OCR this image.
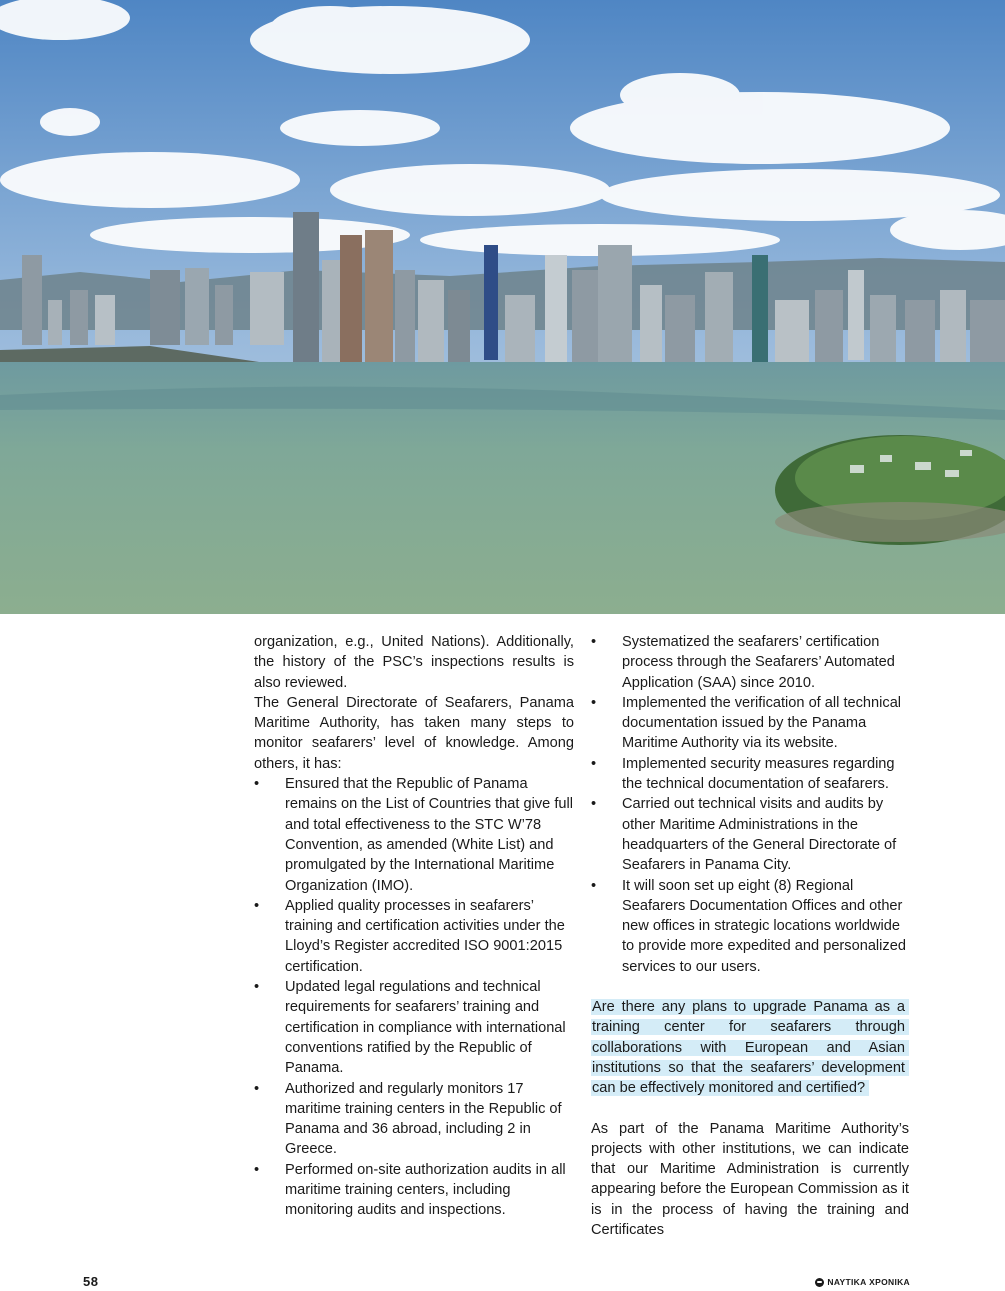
organization, e.g., United Nations). Additionally, the history of the PSC’s inspections results is also reviewed.

The General Directorate of Seafarers, Panama Maritime Authority, has taken many steps to monitor seafarers’ level of knowledge. Among others, it has:

•	Ensured that the Republic of Panama remains on the List of Countries that give full and total effectiveness to the STC W’78 Convention, as amended (White List) and promulgated by the International Maritime Organization (IMO).
•	Applied quality processes in seafarers’ training and certification activities under the Lloyd’s Register accredited ISO 9001:2015 certification.
•	Updated legal regulations and technical requirements for seafarers’ training and certification in compliance with international conventions ratified by the Republic of Panama.
•	Authorized and regularly monitors 17 maritime training centers in the Republic of Panama and 36 abroad, including 2 in Greece.
•	Performed on-site authorization audits in all maritime training centers, including monitoring audits and inspections.
•	Systematized the seafarers’ certification process through the Seafarers’ Automated Application (SAA) since 2010.
•	Implemented the verification of all technical documentation issued by the Panama Maritime Authority via its website.
•	Implemented security measures regarding the technical documentation of seafarers.
•	Carried out technical visits and audits by other Maritime Administrations in the headquarters of the General Directorate of Seafarers in Panama City.
•	It will soon set up eight (8) Regional Seafarers Documentation Offices and other new offices in strategic locations worldwide to provide more expedited and personalized services to our users.

Are there any plans to upgrade Panama as a training center for seafarers through collaborations with European and Asian institutions so that the seafarers’ development can be effectively monitored and certified?

As part of the Panama Maritime Authority’s projects with other institutions, we can indicate that our Maritime Administration is currently appearing before the European Commission as it is in the process of having the training and Certificates

58	ΝΑΥΤΙΚΑ ΧΡΟΝΙΚΑ
